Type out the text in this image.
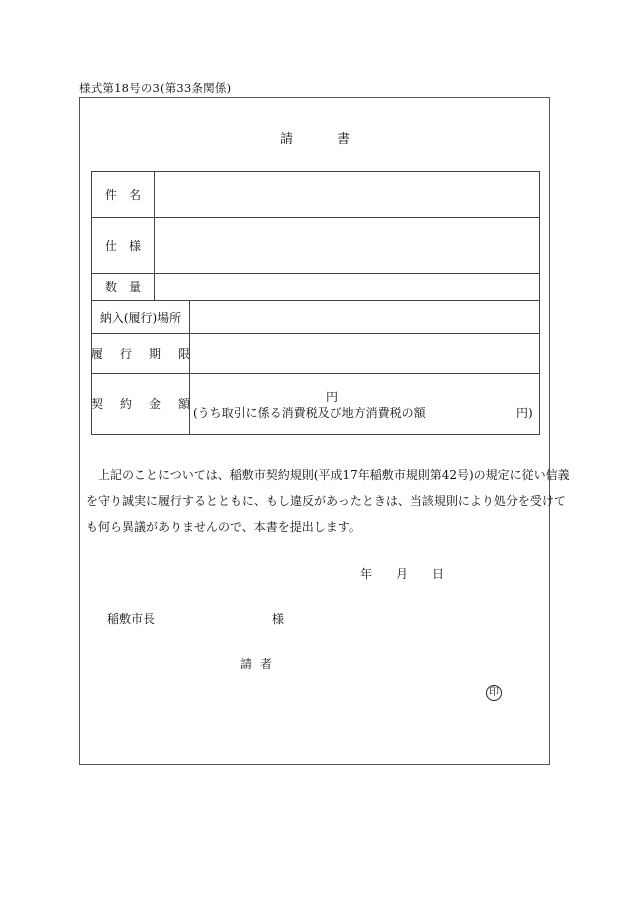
様式第18号の3(第33条関係)
請	書
件名
仕様
数量
納入(履行)場所
履行期限
契約金額	円
(うち取引に係る消費税及び地方消費税の額	円)
上記のことについては、稲敷市契約規則(平成17年稲敷市規則第42号)の規定に従い信義
を守り誠実に履行するとともに、もし違反があったときは、当該規則により処分を受けて
も何ら異議がありませんので、本書を提出します。
年 月 日
稲敷市長	様
請者
印
